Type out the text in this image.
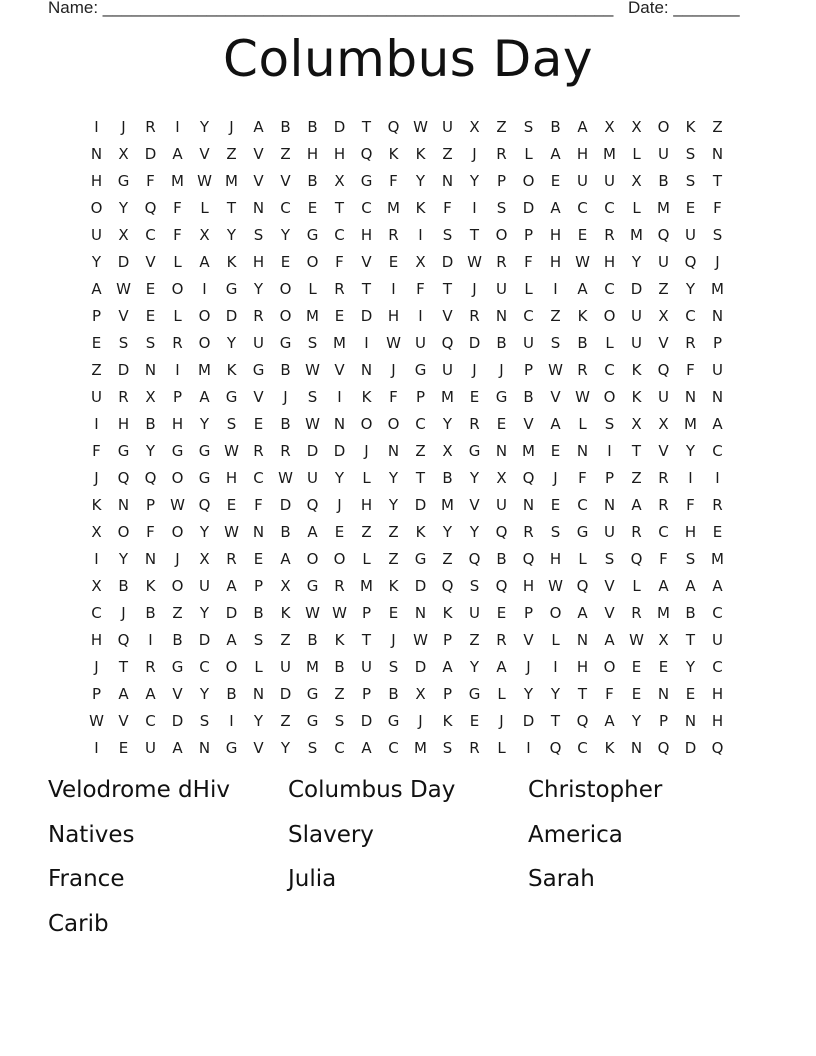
Name: ______________________________________________________ Date: _______
Columbus Day
I	J	R	I	Y	J	A	B	B	D	T	Q W U	X	Z	S	B	A	X	X	O	K	Z
N	X	D	A	V	Z	V	Z	H	H	Q	K	K	Z	J	R	L	A	H M	L	U	S	N
H	G	F	M W M	V	V	B	X	G	F	Y	N	Y	P	O	E	U	U	X	B	S	T
O	Y	Q	F	L	T	N	C	E	T	C	M	K	F	I	S	D	A	C	C	L	M	E	F
U	X	C	F	X	Y	S	Y	G	C	H	R	I	S	T	O	P	H	E	R	M Q	U	S
Y	D	V	L	A	K	H	E	O	F	V	E	X	D W R	F	H W H	Y	U	Q	J
A W E	O	I	G	Y	O	L	R	T	I	F	T	J	U	L	I	A	C	D	Z	Y	M
P	V	E	L	O	D	R	O M	E	D	H	I	V	R	N	C	Z	K	O	U	X	C	N
E	S	S	R	O	Y	U	G	S	M	I	W U	Q	D	B	U	S	B	L	U	V	R	P
Z	D	N	I	M	K	G	B W V	N	J	G	U	J	J	P	W R	C	K	Q	F	U
U	R	X	P	A	G	V	J	S	I	K	F	P	M	E	G	B	V W O	K	U	N	N
I	H	B	H	Y	S	E	B W N	O	O	C	Y	R	E	V	A	L	S	X	X	M	A
F	G	Y	G	G W R	R	D	D	J	N	Z	X	G	N M	E	N	I	T	V	Y	C
J	Q	Q	O	G	H	C W U	Y	L	Y	T	B	Y	X	Q	J	F	P	Z	R	I	I
K	N	P	W Q	E	F	D	Q	J	H	Y	D M	V	U	N	E	C	N	A	R	F	R
X	O	F	O	Y	W N	B	A	E	Z	Z	K	Y	Y	Q	R	S	G	U	R	C	H	E
I	Y	N	J	X	R	E	A	O	O	L	Z	G	Z	Q	B	Q	H	L	S	Q	F	S	M
X	B	K	O	U	A	P	X	G	R	M	K	D	Q	S	Q	H W Q	V	L	A	A	A
C	J	B	Z	Y	D	B	K W W	P	E	N	K	U	E	P	O	A	V	R	M	B	C
H	Q	I	B	D	A	S	Z	B	K	T	J	W	P	Z	R	V	L	N	A W X	T	U
J	T	R	G	C	O	L	U	M	B	U	S	D	A	Y	A	J	I	H	O	E	E	Y	C
P	A	A	V	Y	B	N	D	G	Z	P	B	X	P	G	L	Y	Y	T	F	E	N	E	H
W V	C	D	S	I	Y	Z	G	S	D	G	J	K	E	J	D	T	Q	A	Y	P	N	H
I	E	U	A	N	G	V	Y	S	C	A	C	M	S	R	L	I	Q	C	K	N	Q	D	Q
Velodrome dHiv	Columbus Day	Christopher
Natives	Slavery	America
France	Julia	Sarah
Carib
